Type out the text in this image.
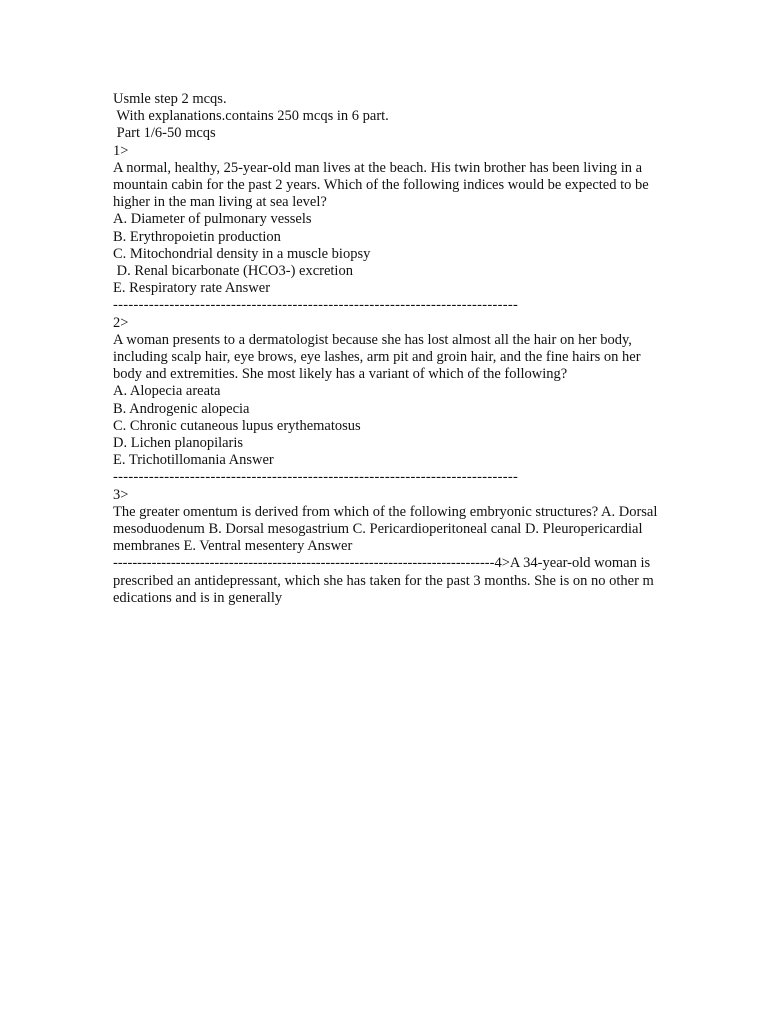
Usmle step 2 mcqs.
With explanations.contains 250 mcqs in 6 part.
Part 1/6-50 mcqs
1>
A normal, healthy, 25-year-old man lives at the beach. His twin brother has been living in a mountain cabin for the past 2 years. Which of the following indices would be expected to be higher in the man living at sea level?
A. Diameter of pulmonary vessels
B. Erythropoietin production
C. Mitochondrial density in a muscle biopsy
D. Renal bicarbonate (HCO3-) excretion
E. Respiratory rate Answer
-------------------------------------------------------------------------------
2>
A woman presents to a dermatologist because she has lost almost all the hair on her body, including scalp hair, eye brows, eye lashes, arm pit and groin hair, and the fine hairs on her body and extremities. She most likely has a variant of which of the following?
A. Alopecia areata
B. Androgenic alopecia
C. Chronic cutaneous lupus erythematosus
D. Lichen planopilaris
E. Trichotillomania Answer
-------------------------------------------------------------------------------
3>
The greater omentum is derived from which of the following embryonic structures? A. Dorsal mesoduodenum B. Dorsal mesogastrium C. Pericardioperitoneal canal D. Pleuropericardial membranes E. Ventral mesentery Answer
-------------------------------------------------------------------------------4>A 34-year-old woman is prescribed an antidepressant, which she has taken for the past 3 months. She is on no other medications and is in generally
